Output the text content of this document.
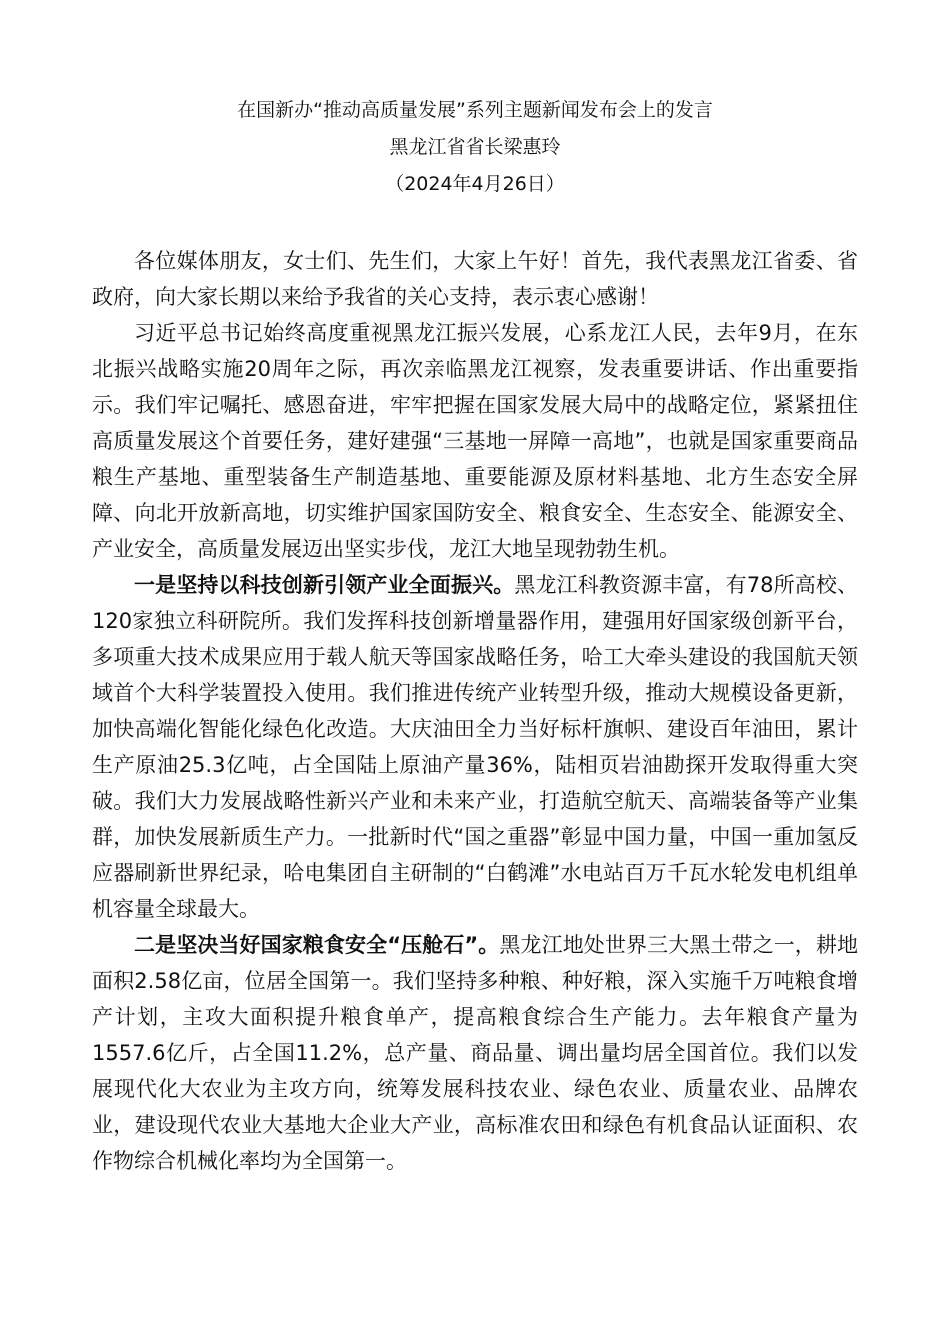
在国新办“推动高质量发展”系列主题新闻发布会上的发言
黑龙江省省长梁惠玲
（2024年4月26日）

各位媒体朋友，女士们、先生们，大家上午好！首先，我代表黑龙江省委、省政府，向大家长期以来给予我省的关心支持，表示衷心感谢！

习近平总书记始终高度重视黑龙江振兴发展，心系龙江人民，去年9月，在东北振兴战略实施20周年之际，再次亲临黑龙江视察，发表重要讲话、作出重要指示。我们牢记嘱托、感恩奋进，牢牢把握在国家发展大局中的战略定位，紧紧扭住高质量发展这个首要任务，建好建强“三基地一屏障一高地”，也就是国家重要商品粮生产基地、重型装备生产制造基地、重要能源及原材料基地、北方生态安全屏障、向北开放新高地，切实维护国家国防安全、粮食安全、生态安全、能源安全、产业安全，高质量发展迈出坚实步伐，龙江大地呈现勃勃生机。

一是坚持以科技创新引领产业全面振兴。黑龙江科教资源丰富，有78所高校、120家独立科研院所。我们发挥科技创新增量器作用，建强用好国家级创新平台，多项重大技术成果应用于载人航天等国家战略任务，哈工大牵头建设的我国航天领域首个大科学装置投入使用。我们推进传统产业转型升级，推动大规模设备更新，加快高端化智能化绿色化改造。大庆油田全力当好标杆旗帜、建设百年油田，累计生产原油25.3亿吨，占全国陆上原油产量36%，陆相页岩油勘探开发取得重大突破。我们大力发展战略性新兴产业和未来产业，打造航空航天、高端装备等产业集群，加快发展新质生产力。一批新时代“国之重器”彰显中国力量，中国一重加氢反应器刷新世界纪录，哈电集团自主研制的“白鹤滩”水电站百万千瓦水轮发电机组单机容量全球最大。

二是坚决当好国家粮食安全“压舱石”。黑龙江地处世界三大黑土带之一，耕地面积2.58亿亩，位居全国第一。我们坚持多种粮、种好粮，深入实施千万吨粮食增产计划，主攻大面积提升粮食单产，提高粮食综合生产能力。去年粮食产量为1557.6亿斤，占全国11.2%，总产量、商品量、调出量均居全国首位。我们以发展现代化大农业为主攻方向，统筹发展科技农业、绿色农业、质量农业、品牌农业，建设现代农业大基地大企业大产业，高标准农田和绿色有机食品认证面积、农作物综合机械化率均为全国第一。
